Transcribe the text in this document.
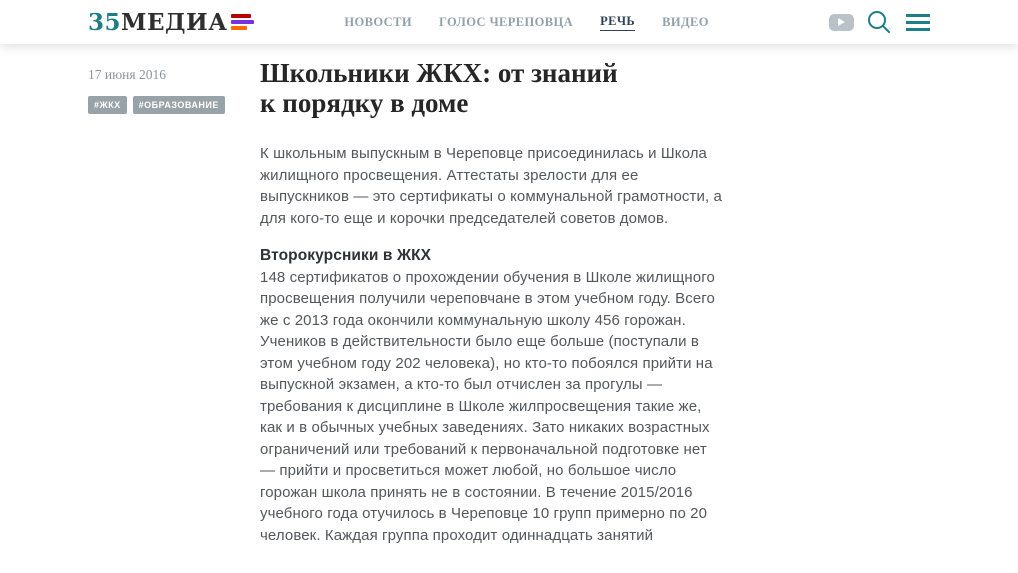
35МЕДИА	НОВОСТИ ГОЛОС ЧЕРЕПОВЦА РЕЧЬ ВИДЕО
17 июня 2016
#ЖКХ	#ОБРАЗОВАНИЕ
Школьники ЖКХ: от знаний
к порядку в доме

К школьным выпускным в Череповце присоединилась и Школа жилищного просвещения. Аттестаты зрелости для ее выпускников — это сертификаты о коммунальной грамотности, а для кого-то еще и корочки председателей советов домов.

Второкурсники в ЖКХ

148 сертификатов о прохождении обучения в Школе жилищного просвещения получили череповчане в этом учебном году. Всего же с 2013 года окончили коммунальную школу 456 горожан.

Учеников в действительности было еще больше (поступали в этом учебном году 202 человека), но кто-то побоялся прийти на выпускной экзамен, а кто-то был отчислен за прогулы — требования к дисциплине в Школе жилпросвещения такие же, как и в обычных учебных заведениях. Зато никаких возрастных ограничений или требований к первоначальной подготовке нет — прийти и просветиться может любой, но большое число горожан школа принять не в состоянии. В течение 2015/2016 учебного года отучилось в Череповце 10 групп примерно по 20 человек. Каждая группа проходит одиннадцать занятий
